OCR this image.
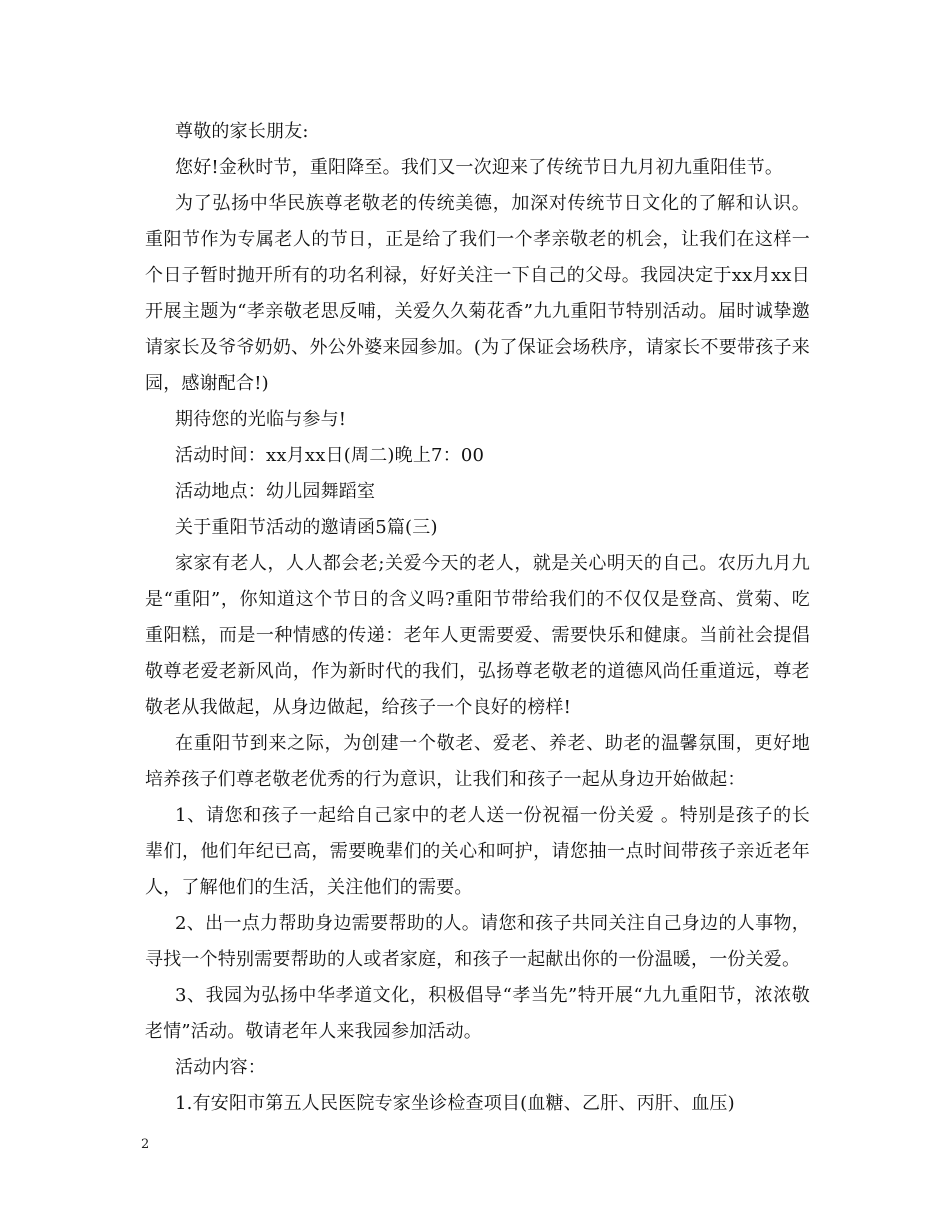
尊敬的家长朋友:

您好!金秋时节，重阳降至。我们又一次迎来了传统节日九月初九重阳佳节。

为了弘扬中华民族尊老敬老的传统美德，加深对传统节日文化的了解和认识。重阳节作为专属老人的节日，正是给了我们一个孝亲敬老的机会，让我们在这样一个日子暂时抛开所有的功名利禄，好好关注一下自己的父母。我园决定于xx月xx日开展主题为“孝亲敬老思反哺，关爱久久菊花香”九九重阳节特别活动。届时诚挚邀请家长及爷爷奶奶、外公外婆来园参加。(为了保证会场秩序，请家长不要带孩子来园，感谢配合!)

期待您的光临与参与!

活动时间：xx月xx日(周二)晚上7：00

活动地点：幼儿园舞蹈室

关于重阳节活动的邀请函5篇(三)

家家有老人，人人都会老;关爱今天的老人，就是关心明天的自己。农历九月九是“重阳”，你知道这个节日的含义吗?重阳节带给我们的不仅仅是登高、赏菊、吃重阳糕，而是一种情感的传递：老年人更需要爱、需要快乐和健康。当前社会提倡敬尊老爱老新风尚，作为新时代的我们，弘扬尊老敬老的道德风尚任重道远，尊老敬老从我做起，从身边做起，给孩子一个良好的榜样!

在重阳节到来之际，为创建一个敬老、爱老、养老、助老的温馨氛围，更好地培养孩子们尊老敬老优秀的行为意识，让我们和孩子一起从身边开始做起：

1、请您和孩子一起给自己家中的老人送一份祝福一份关爱 。特别是孩子的长辈们，他们年纪已高，需要晚辈们的关心和呵护，请您抽一点时间带孩子亲近老年人，了解他们的生活，关注他们的需要。

2、出一点力帮助身边需要帮助的人。请您和孩子共同关注自己身边的人事物，寻找一个特别需要帮助的人或者家庭，和孩子一起献出你的一份温暖，一份关爱。

3、我园为弘扬中华孝道文化，积极倡导“孝当先”特开展“九九重阳节，浓浓敬老情”活动。敬请老年人来我园参加活动。

活动内容：

1.有安阳市第五人民医院专家坐诊检查项目(血糖、乙肝、丙肝、血压)

2
